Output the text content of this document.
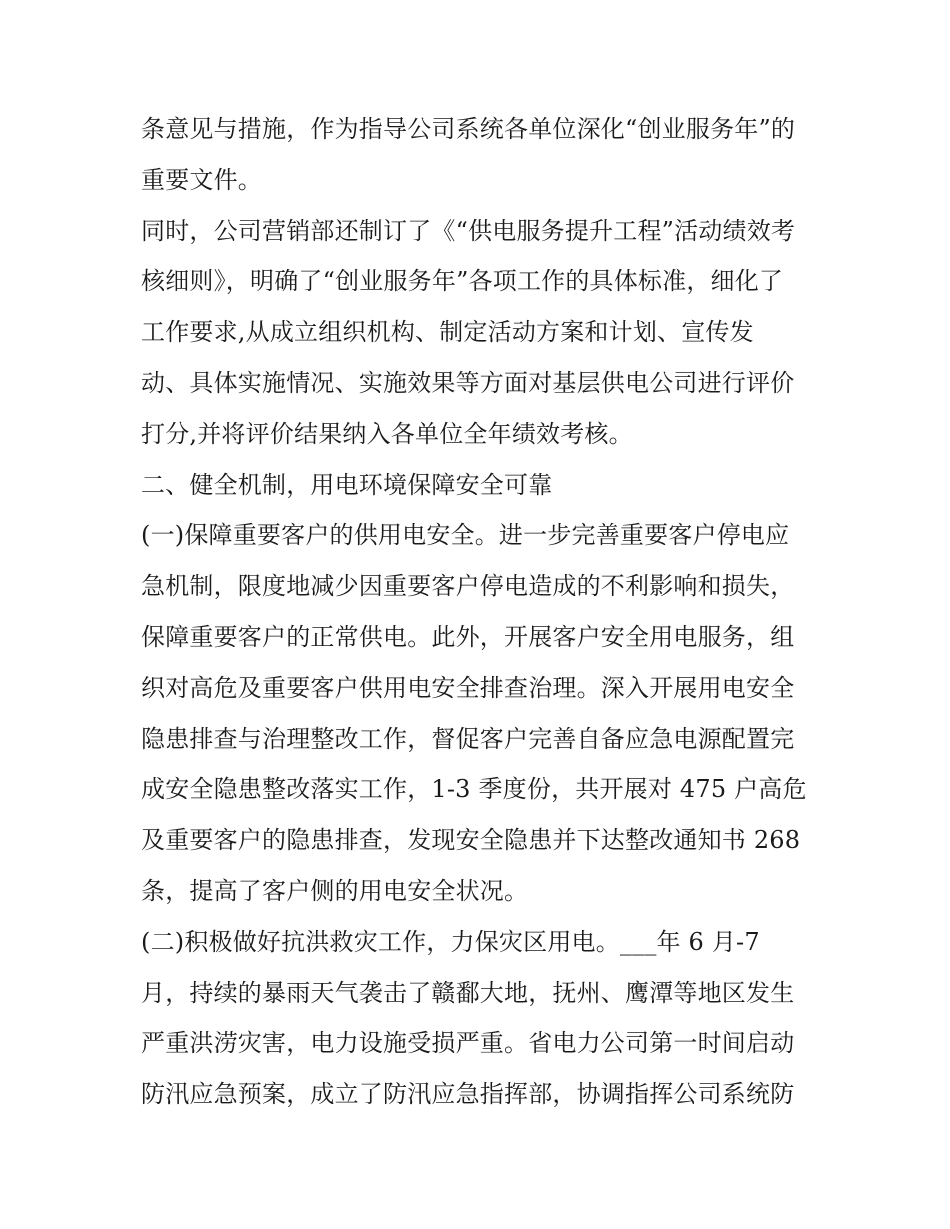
条意见与措施，作为指导公司系统各单位深化“创业服务年”的
重要文件。
同时，公司营销部还制订了《“供电服务提升工程”活动绩效考
核细则》，明确了“创业服务年”各项工作的具体标准，细化了
工作要求,从成立组织机构、制定活动方案和计划、宣传发
动、具体实施情况、实施效果等方面对基层供电公司进行评价
打分,并将评价结果纳入各单位全年绩效考核。
二、健全机制，用电环境保障安全可靠
(一)保障重要客户的供用电安全。进一步完善重要客户停电应
急机制，限度地减少因重要客户停电造成的不利影响和损失，
保障重要客户的正常供电。此外，开展客户安全用电服务，组
织对高危及重要客户供用电安全排查治理。深入开展用电安全
隐患排查与治理整改工作，督促客户完善自备应急电源配置完
成安全隐患整改落实工作，1-3 季度份，共开展对 475 户高危
及重要客户的隐患排查，发现安全隐患并下达整改通知书 268
条，提高了客户侧的用电安全状况。
(二)积极做好抗洪救灾工作，力保灾区用电。___年 6 月-7
月，持续的暴雨天气袭击了赣鄱大地，抚州、鹰潭等地区发生
严重洪涝灾害，电力设施受损严重。省电力公司第一时间启动
防汛应急预案，成立了防汛应急指挥部，协调指挥公司系统防
